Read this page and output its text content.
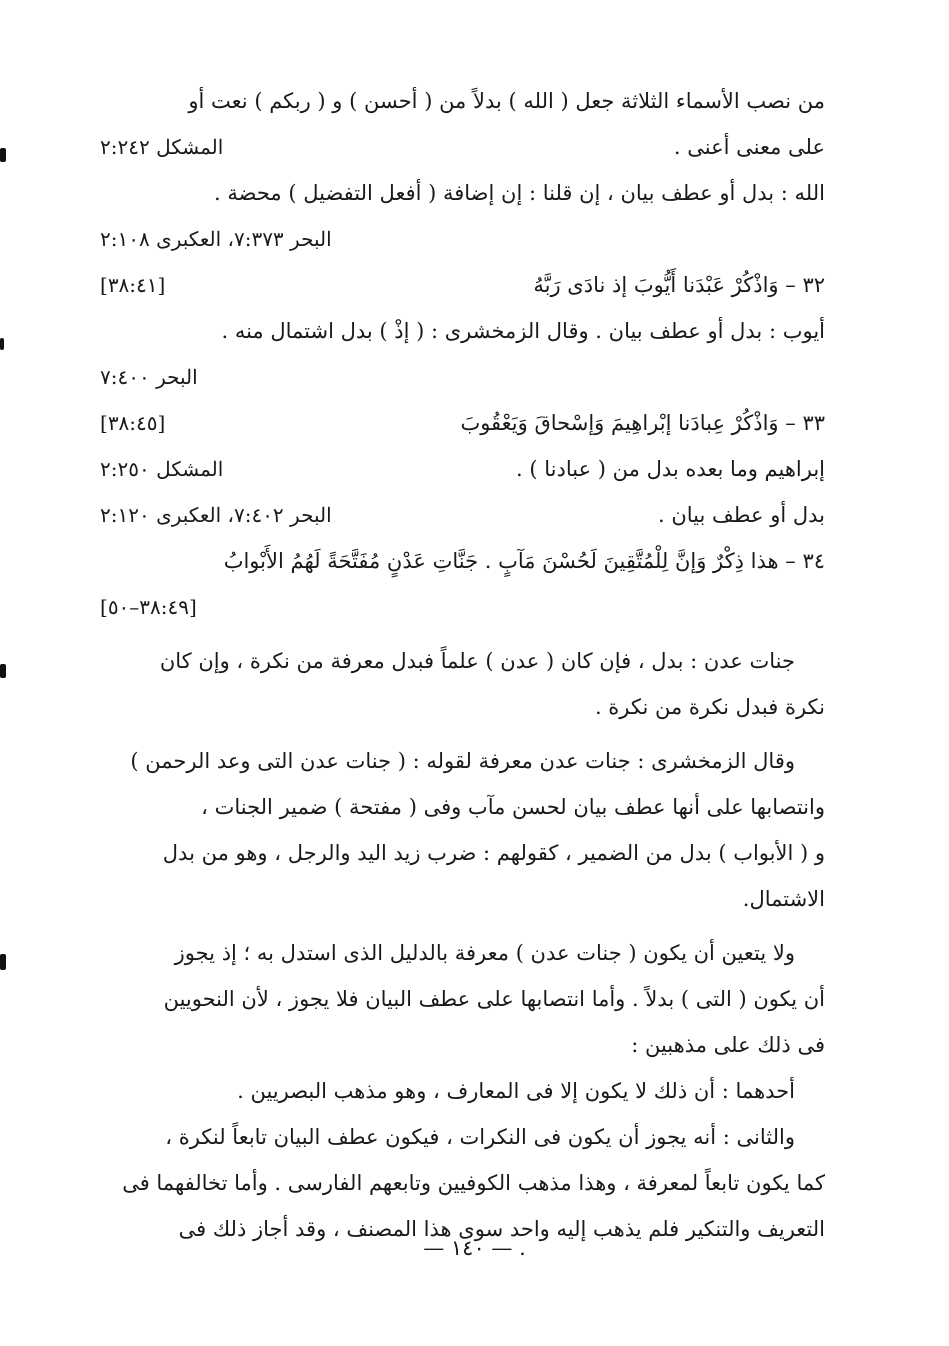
من نصب الأسماء الثلاثة جعل ( الله ) بدلاً من ( أحسن ) و ( ربكم ) نعت أو
على معنى أعنى .
المشكل ٢:٢٤٢
الله : بدل أو عطف بيان ، إن قلنا : إن إضافة ( أفعل التفضيل ) محضة .
البحر ٧:٣٧٣، العكبرى ٢:١٠٨
٣٢ – وَاذْكُرْ عَبْدَنا أَيُّوبَ إذ نادَى رَبَّهُ
[٣٨:٤١]
أيوب : بدل أو عطف بيان . وقال الزمخشرى : ( إذْ ) بدل اشتمال منه .
البحر ٧:٤٠٠
٣٣ – وَاذْكُرْ عِبادَنا إبْراهِيمَ وَإسْحاقَ وَيَعْقُوبَ
[٣٨:٤٥]
إبراهيم وما بعده بدل من ( عبادنا ) .
المشكل ٢:٢٥٠
بدل أو عطف بيان .
البحر ٧:٤٠٢، العكبرى ٢:١٢٠
٣٤ – هذا ذِكْرٌ وَإنَّ لِلْمُتَّقِينَ لَحُسْنَ مَآبٍ . جَنَّاتِ عَدْنٍ مُفَتَّحَةً لَهُمُ الأَبْوابُ
[٣٨:٤٩–٥٠]
جنات عدن : بدل ، فإن كان ( عدن ) علماً فبدل معرفة من نكرة ، وإن كان
نكرة فبدل نكرة من نكرة .
وقال الزمخشرى : جنات عدن معرفة لقوله : ( جنات عدن التى وعد الرحمن )
وانتصابها على أنها عطف بيان لحسن مآب وفى ( مفتحة ) ضمير الجنات ،
و ( الأبواب ) بدل من الضمير ، كقولهم : ضرب زيد اليد والرجل ، وهو من بدل
الاشتمال.
ولا يتعين أن يكون ( جنات عدن ) معرفة بالدليل الذى استدل به ؛ إذ يجوز
أن يكون ( التى ) بدلاً . وأما انتصابها على عطف البيان فلا يجوز ، لأن النحويين
فى ذلك على مذهبين :
أحدهما : أن ذلك لا يكون إلا فى المعارف ، وهو مذهب البصريين .
والثانى : أنه يجوز أن يكون فى النكرات ، فيكون عطف البيان تابعاً لنكرة ،
كما يكون تابعاً لمعرفة ، وهذا مذهب الكوفيين وتابعهم الفارسى . وأما تخالفهما فى
التعريف والتنكير فلم يذهب إليه واحد سوى هذا المصنف ، وقد أجاز ذلك فى
. — ١٤٠ —
